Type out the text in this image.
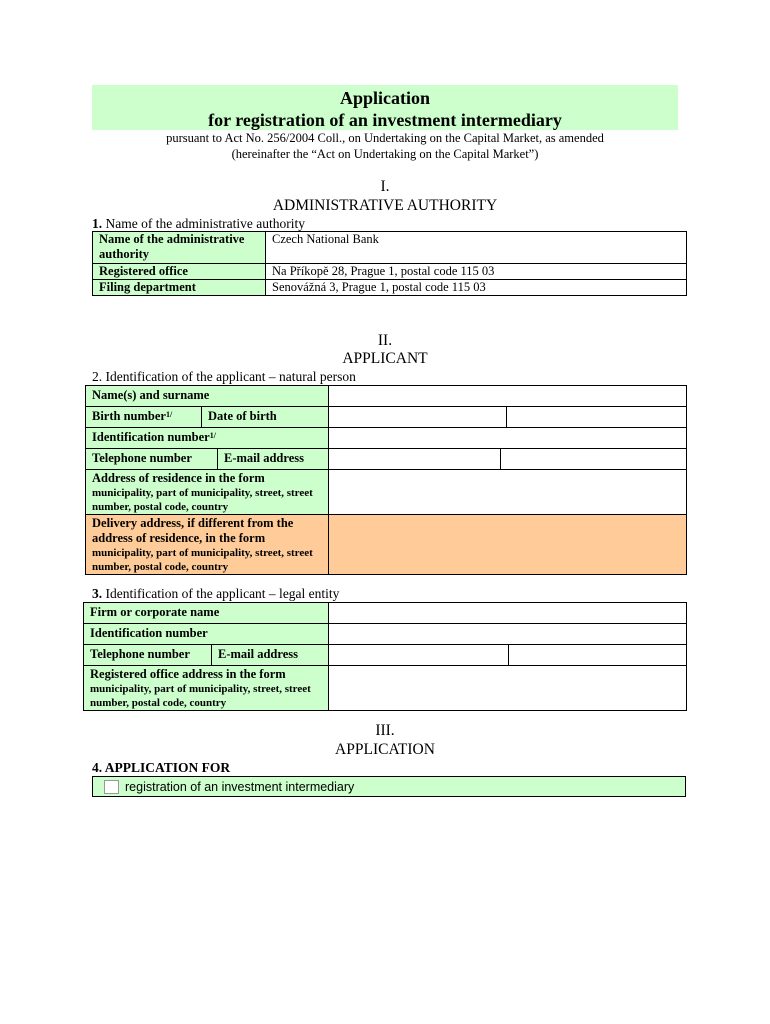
Application
for registration of an investment intermediary
pursuant to Act No. 256/2004 Coll., on Undertaking on the Capital Market, as amended
(hereinafter the “Act on Undertaking on the Capital Market”)
I.
ADMINISTRATIVE AUTHORITY
1. Name of the administrative authority
Name of the administrative authority	Czech National Bank
Registered office	Na Příkopě 28, Prague 1, postal code 115 03
Filing department	Senovážná 3, Prague 1, postal code 115 03
II.
APPLICANT
2. Identification of the applicant – natural person
Name(s) and surname					
Birth number$^{1/}$	Date of birth				
Identification number$^{1/}$	
Telephone number		E-mail address			

Address of residence in the form
municipality, part of municipality, street, street number, postal code, country					

Delivery address, if different from the address of residence, in the form
municipality, part of municipality, street, street number, postal code, country					

3. Identification of the applicant – legal entity
Firm or corporate name			
Identification number			
Telephone number	E-mail address		

Registered office address in the form
municipality, part of municipality, street, street number, postal code, country			

III.
APPLICATION
4. APPLICATION FOR
registration of an investment intermediary
